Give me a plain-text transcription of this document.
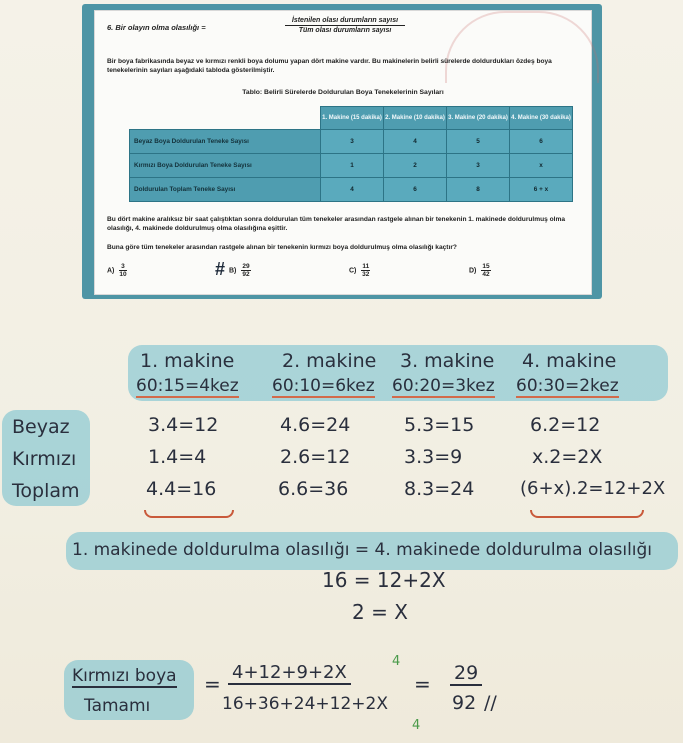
6. Bir olayın olma olasılığı =
İstenilen olası durumların sayısı
Tüm olası durumların sayısı
Bir boya fabrikasında beyaz ve kırmızı renkli boya dolumu yapan dört makine vardır. Bu makinelerin belirli sürelerde doldurdukları özdeş boya tenekelerinin sayıları aşağıdaki tabloda gösterilmiştir.
Tablo: Belirli Sürelerde Doldurulan Boya Tenekelerinin Sayıları
	1. Makine (15 dakika)	2. Makine (10 dakika)	3. Makine (20 dakika)	4. Makine (30 dakika)
Beyaz Boya Doldurulan Teneke Sayısı	3	4	5	6
Kırmızı Boya Doldurulan Teneke Sayısı	1	2	3	x
Doldurulan Toplam Teneke Sayısı	4	6	8	6 + x
Bu dört makine aralıksız bir saat çalıştıktan sonra doldurulan tüm tenekeler arasından rastgele alınan bir tenekenin 1. makinede doldurulmuş olma olasılığı, 4. makinede doldurulmuş olma olasılığına eşittir.
Buna göre tüm tenekeler arasından rastgele alınan bir tenekenin kırmızı boya doldurulmuş olma olasılığı kaçtır?
$A) \frac{3}{10}$	# $B) \frac{29}{92}$	$C) \frac{11}{32}$	$D) \frac{15}{42}$
1. makine	2. makine 3. makine 4. makine
60:15=4kez 60:10=6kez 60:20=3kez 60:30=2kez
Beyaz
Kırmızı
Toplam
3.4=12	4.6=24	5.3=15	6.2=12
1.4=4	2.6=12	3.3=9	x.2=2X
4.4=16	6.6=36	8.3=24	(6+x).2=12+2X
1. makinede doldurulma olasılığı = 4. makinede doldurulma olasılığı
16 = 12+2X
2 = X
Kırmızı boya
Tamamı
= 4+12+9+2X
4
16+36+24+12+2X
4
= 29
92 //
